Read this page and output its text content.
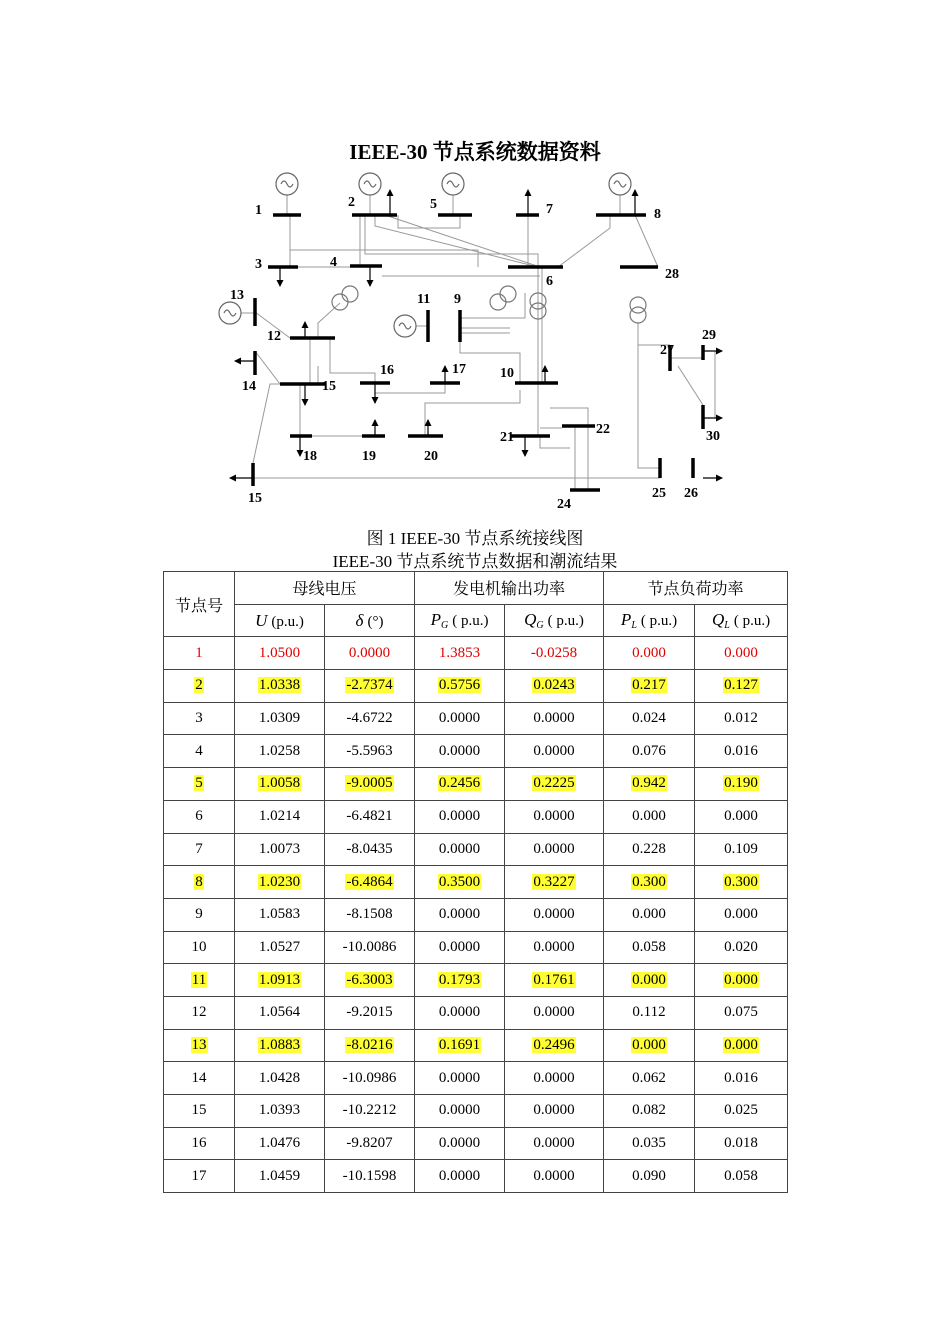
IEEE-30 节点系统数据资料
1
2
3	4
5
6
7	8
9
10
11
12
13
14	15
16	17
18	19	20
21
22
24
25 26
27
28
29
30
15
图 1 IEEE-30 节点系统接线图
IEEE-30 节点系统节点数据和潮流结果
节点号	母线电压		发电机输出功率		节点负荷功率	
	U (p.u.)	δ (°)	$P_G$ ( p.u.)	$Q_G$ ( p.u.)	$P_L$ ( p.u.)	$Q_L$ ( p.u.)
1	1.0500	0.0000	1.3853	-0.0258	0.000	0.000
2	1.0338	-2.7374	0.5756	0.0243	0.217	0.127
3	1.0309	-4.6722	0.0000	0.0000	0.024	0.012
4	1.0258	-5.5963	0.0000	0.0000	0.076	0.016
5	1.0058	-9.0005	0.2456	0.2225	0.942	0.190
6	1.0214	-6.4821	0.0000	0.0000	0.000	0.000
7	1.0073	-8.0435	0.0000	0.0000	0.228	0.109
8	1.0230	-6.4864	0.3500	0.3227	0.300	0.300
9	1.0583	-8.1508	0.0000	0.0000	0.000	0.000
10	1.0527	-10.0086	0.0000	0.0000	0.058	0.020
11	1.0913	-6.3003	0.1793	0.1761	0.000	0.000
12	1.0564	-9.2015	0.0000	0.0000	0.112	0.075
13	1.0883	-8.0216	0.1691	0.2496	0.000	0.000
14	1.0428	-10.0986	0.0000	0.0000	0.062	0.016
15	1.0393	-10.2212	0.0000	0.0000	0.082	0.025
16	1.0476	-9.8207	0.0000	0.0000	0.035	0.018
17	1.0459	-10.1598	0.0000	0.0000	0.090	0.058
